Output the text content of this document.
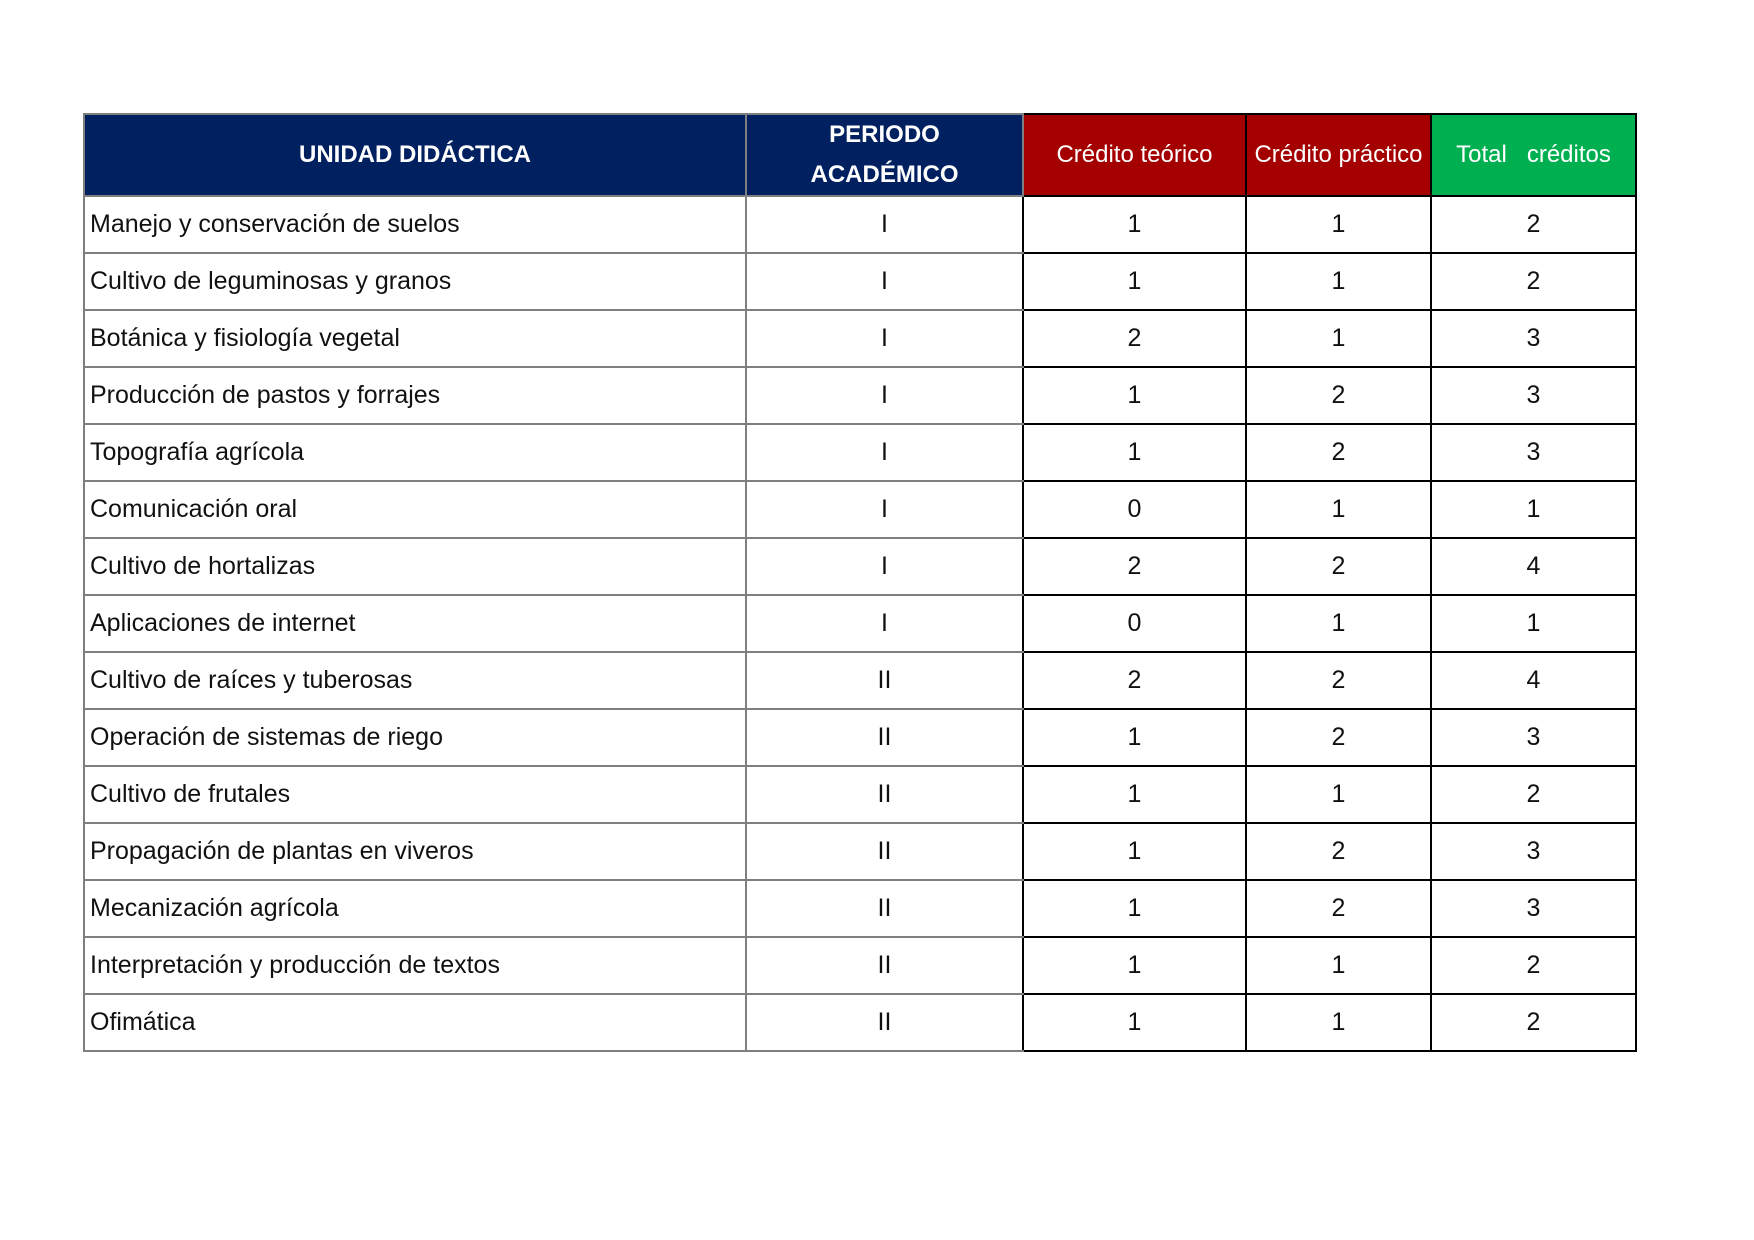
UNIDAD DIDÁCTICA	PERIODO ACADÉMICO	Crédito teórico	Crédito práctico	Total   créditos
Manejo y conservación de suelos	I	1	1	2
Cultivo de leguminosas y granos	I	1	1	2
Botánica y fisiología vegetal	I	2	1	3
Producción de pastos y forrajes	I	1	2	3
Topografía agrícola	I	1	2	3
Comunicación oral	I	0	1	1
Cultivo de hortalizas	I	2	2	4
Aplicaciones de internet	I	0	1	1
Cultivo de raíces y tuberosas	II	2	2	4
Operación de sistemas de riego	II	1	2	3
Cultivo de frutales	II	1	1	2
Propagación de plantas en viveros	II	1	2	3
Mecanización agrícola	II	1	2	3
Interpretación y producción de textos	II	1	1	2
Ofimática	II	1	1	2
